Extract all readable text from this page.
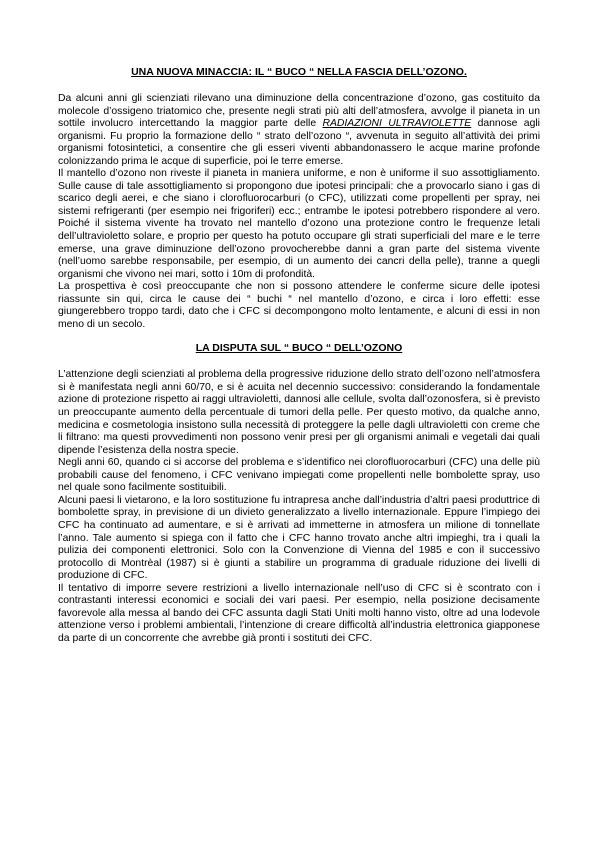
UNA NUOVA MINACCIA: IL “ BUCO “ NELLA FASCIA DELL’OZONO.

Da alcuni anni gli scienziati rilevano una diminuzione della concentrazione d’ozono, gas costituito da molecole d’ossigeno triatomico che, presente negli strati più alti dell’atmosfera, avvolge il pianeta in un sottile involucro intercettando la maggior parte delle RADIAZIONI ULTRAVIOLETTE dannose agli organismi. Fu proprio la formazione dello “ strato dell’ozono “, avvenuta in seguito all’attività dei primi organismi fotosintetici, a consentire che gli esseri viventi abbandonassero le acque marine profonde colonizzando prima le acque di superficie, poi le terre emerse.

Il mantello d’ozono non riveste il pianeta in maniera uniforme, e non è uniforme il suo assottigliamento. Sulle cause di tale assottigliamento si propongono due ipotesi principali: che a provocarlo siano i gas di scarico degli aerei, e che siano i clorofluorocarburi (o CFC), utilizzati come propellenti per spray, nei sistemi refrigeranti (per esempio nei frigoriferi) ecc.; entrambe le ipotesi potrebbero rispondere al vero. Poiché il sistema vivente ha trovato nel mantello d’ozono una protezione contro le frequenze letali dell’ultravioletto solare, e proprio per questo ha potuto occupare gli strati superficiali del mare e le terre emerse, una grave diminuzione dell’ozono provocherebbe danni a gran parte del sistema vivente (nell’uomo sarebbe responsabile, per esempio, di un aumento dei cancri della pelle), tranne a quegli organismi che vivono nei mari, sotto i 10m di profondità.

La prospettiva è così preoccupante che non si possono attendere le conferme sicure delle ipotesi riassunte sin qui, circa le cause dei “ buchi “ nel mantello d’ozono, e circa i loro effetti: esse giungerebbero troppo tardi, dato che i CFC si decompongono molto lentamente, e alcuni di essi in non meno di un secolo.

LA DISPUTA SUL “ BUCO “ DELL’OZONO

L’attenzione degli scienziati al problema della progressive riduzione dello strato dell’ozono nell’atmosfera si è manifestata negli anni 60/70, e si è acuita nel decennio successivo: considerando la fondamentale azione di protezione rispetto ai raggi ultravioletti, dannosi alle cellule, svolta dall’ozonosfera, si è previsto un preoccupante aumento della percentuale di tumori della pelle. Per questo motivo, da qualche anno, medicina e cosmetologia insistono sulla necessità di proteggere la pelle dagli ultravioletti con creme che li filtrano: ma questi provvedimenti non possono venir presi per gli organismi animali e vegetali dai quali dipende l’esistenza della nostra specie.

Negli anni 60, quando ci si accorse del problema e s’identifico nei clorofluorocarburi (CFC) una delle più probabili cause del fenomeno, i CFC venivano impiegati come propellenti nelle bombolette spray, uso nel quale sono facilmente sostituibili.

Alcuni paesi li vietarono, e la loro sostituzione fu intrapresa anche dall’industria d’altri paesi produttrice di bombolette spray, in previsione di un divieto generalizzato a livello internazionale. Eppure l’impiego dei CFC ha continuato ad aumentare, e si è arrivati ad immetterne in atmosfera un milione di tonnellate l’anno. Tale aumento si spiega con il fatto che i CFC hanno trovato anche altri impieghi, tra i quali la pulizia dei componenti elettronici. Solo con la Convenzione di Vienna del 1985 e con il successivo protocollo di Montrèal (1987) si è giunti a stabilire un programma di graduale riduzione dei livelli di produzione di CFC.

Il tentativo di imporre severe restrizioni a livello internazionale nell’uso di CFC si è scontrato con i contrastanti interessi economici e sociali dei vari paesi. Per esempio, nella posizione decisamente favorevole alla messa al bando dei CFC assunta dagli Stati Uniti molti hanno visto, oltre ad una lodevole attenzione verso i problemi ambientali, l’intenzione di creare difficoltà all’industria elettronica giapponese da parte di un concorrente che avrebbe già pronti i sostituti dei CFC.
